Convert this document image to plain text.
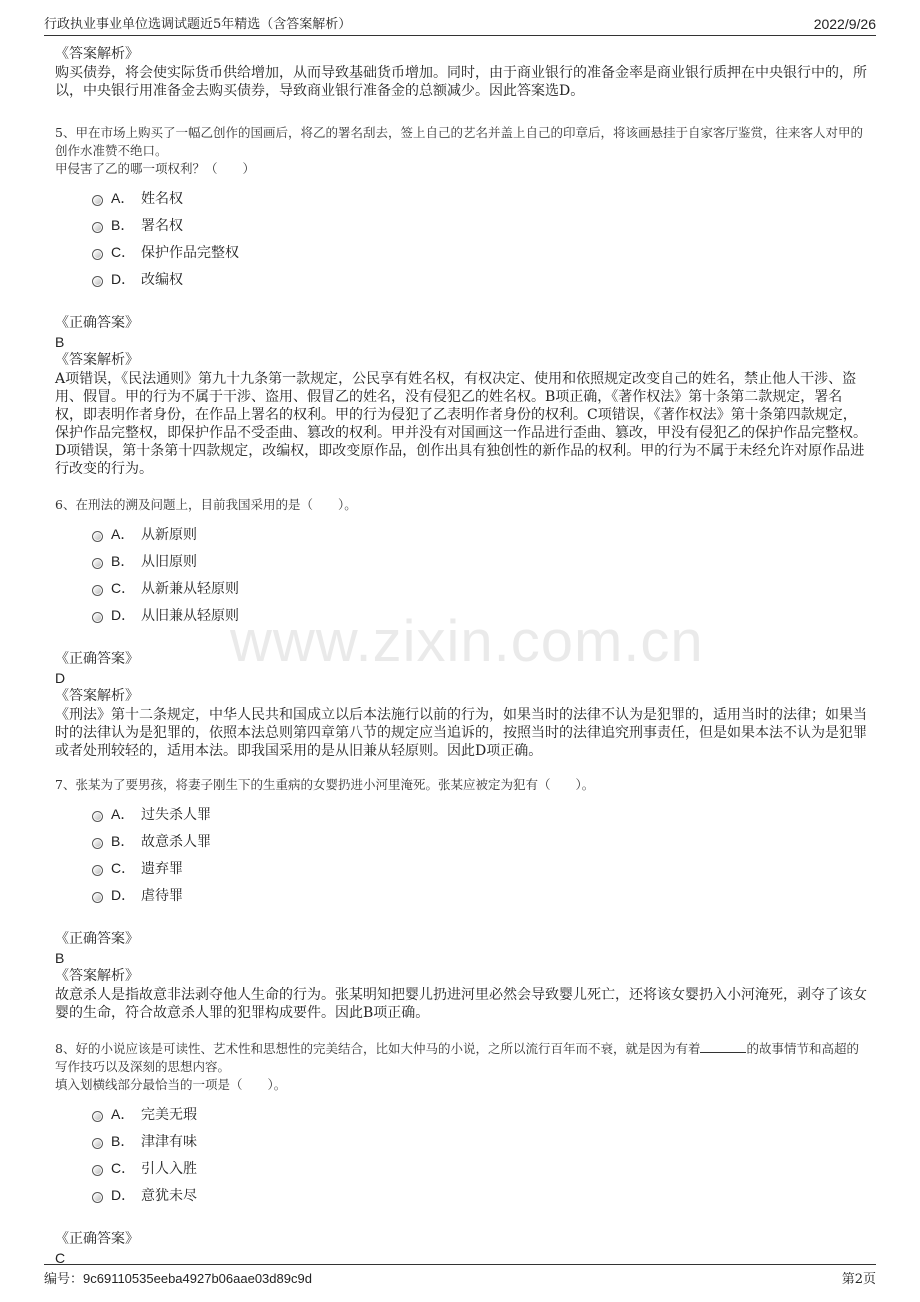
行政执业事业单位选调试题近5年精选（含答案解析）	2022/9/26
www.zixin.com.cn

《答案解析》

购买债券，将会使实际货币供给增加，从而导致基础货币增加。同时，由于商业银行的准备金率是商业银行质押在中央银行中的，所以，中央银行用准备金去购买债券，导致商业银行准备金的总额减少。因此答案选D。

5、甲在市场上购买了一幅乙创作的国画后，将乙的署名刮去，签上自己的艺名并盖上自己的印章后，将该画悬挂于自家客厅鉴赏，往来客人对甲的创作水准赞不绝口。

甲侵害了乙的哪一项权利？（　　）

A． 姓名权
B． 署名权
C． 保护作品完整权
D． 改编权

《正确答案》

B

《答案解析》

A项错误，《民法通则》第九十九条第一款规定，公民享有姓名权，有权决定、使用和依照规定改变自己的姓名，禁止他人干涉、盗用、假冒。甲的行为不属于干涉、盗用、假冒乙的姓名，没有侵犯乙的姓名权。B项正确，《著作权法》第十条第二款规定，署名权，即表明作者身份，在作品上署名的权利。甲的行为侵犯了乙表明作者身份的权利。C项错误，《著作权法》第十条第四款规定，保护作品完整权，即保护作品不受歪曲、篡改的权利。甲并没有对国画这一作品进行歪曲、篡改，甲没有侵犯乙的保护作品完整权。D项错误，第十条第十四款规定，改编权，即改变原作品，创作出具有独创性的新作品的权利。甲的行为不属于未经允许对原作品进行改变的行为。

6、在刑法的溯及问题上，目前我国采用的是（　　）。

A． 从新原则
B． 从旧原则
C． 从新兼从轻原则
D． 从旧兼从轻原则

《正确答案》

D

《答案解析》

《刑法》第十二条规定，中华人民共和国成立以后本法施行以前的行为，如果当时的法律不认为是犯罪的，适用当时的法律；如果当时的法律认为是犯罪的，依照本法总则第四章第八节的规定应当追诉的，按照当时的法律追究刑事责任，但是如果本法不认为是犯罪或者处刑较轻的，适用本法。即我国采用的是从旧兼从轻原则。因此D项正确。

7、张某为了要男孩，将妻子刚生下的生重病的女婴扔进小河里淹死。张某应被定为犯有（　　）。

A． 过失杀人罪
B． 故意杀人罪
C． 遗弃罪
D． 虐待罪

《正确答案》

B

《答案解析》

故意杀人是指故意非法剥夺他人生命的行为。张某明知把婴儿扔进河里必然会导致婴儿死亡，还将该女婴扔入小河淹死，剥夺了该女婴的生命，符合故意杀人罪的犯罪构成要件。因此B项正确。

8、好的小说应该是可读性、艺术性和思想性的完美结合，比如大仲马的小说，之所以流行百年而不衰，就是因为有着	的故事情节和高超的写作技巧以及深刻的思想内容。

填入划横线部分最恰当的一项是（　　）。

A． 完美无瑕
B． 津津有味
C． 引人入胜
D． 意犹未尽

《正确答案》

C

编号：9c69110535eeba4927b06aae03d89c9d	第2页
